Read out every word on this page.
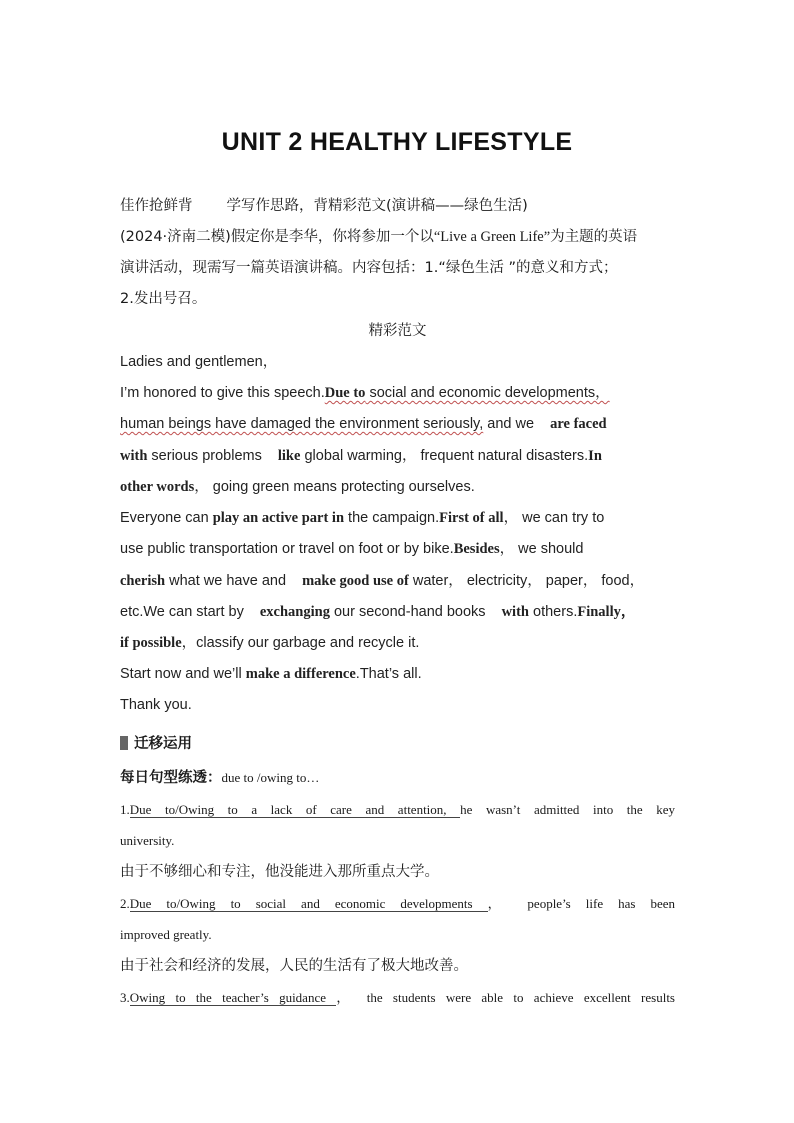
UNIT 2 HEALTHY LIFESTYLE
佳作抢鲜背 学写作思路，背精彩范文(演讲稿——绿色生活)
(2024·济南二模)假定你是李华，你将参加一个以“Live a Green Life”为主题的英语
演讲活动，现需写一篇英语演讲稿。内容包括：1.“绿色生活 ”的意义和方式；
2.发出号召。
精彩范文
Ladies and gentlemen，
I’m honored to give this speech.Due to social and economic developments，
human beings have damaged the environment seriously, and we are faced
with serious problems like global warming， frequent natural disasters.In
other words， going green means protecting ourselves.
Everyone can play an active part in the campaign.First of all， we can try to
use public transportation or travel on foot or by bike.Besides， we should
cherish what we have and make good use of water， electricity， paper， food，
etc.We can start by exchanging our second-hand books with others.Finally，
if possible，classify our garbage and recycle it.
Start now and we’ll make a difference.That’s all.
Thank you.
迁移运用
每日句型练透：due to /owing to…
1.Due to/Owing to a lack of care and attention, he wasn’t admitted into the key
university.
由于不够细心和专注，他没能进入那所重点大学。
2.Due to/Owing to social and economic developments ， people’s life has been
improved greatly.
由于社会和经济的发展，人民的生活有了极大地改善。
3.Owing to the teacher’s guidance ， the students were able to achieve excellent results
